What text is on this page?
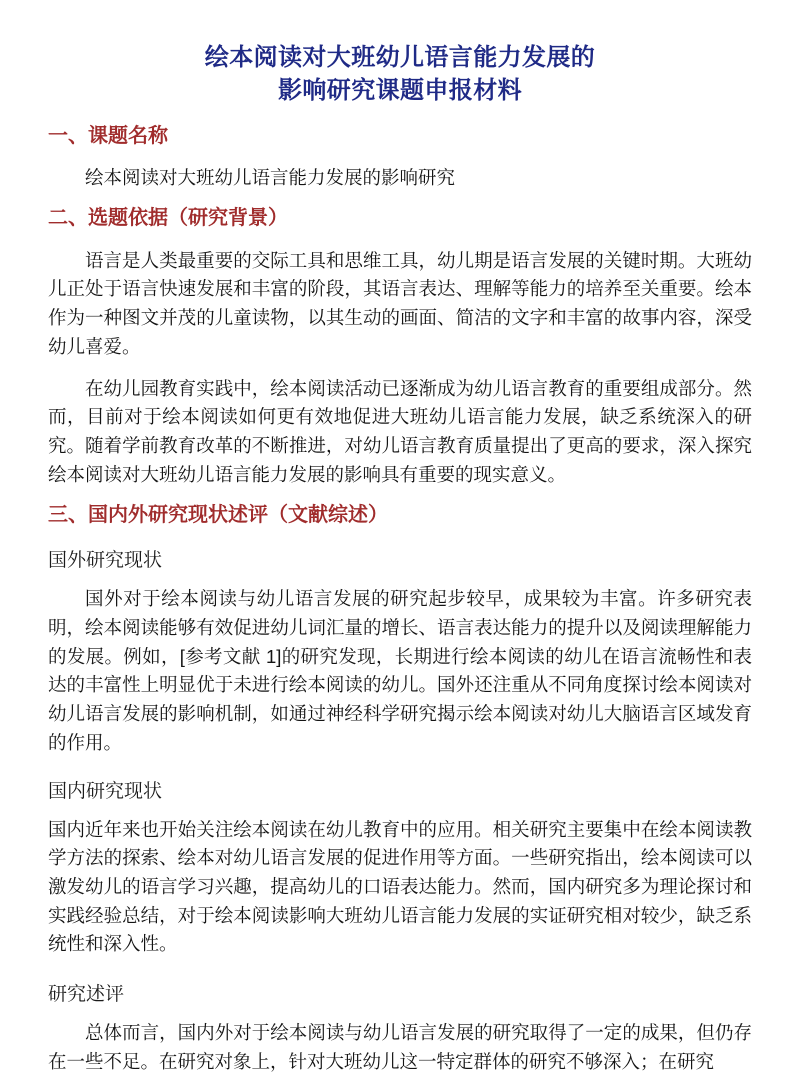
绘本阅读对大班幼儿语言能力发展的
影响研究课题申报材料
一、课题名称

绘本阅读对大班幼儿语言能力发展的影响研究

二、选题依据（研究背景）

语言是人类最重要的交际工具和思维工具，幼儿期是语言发展的关键时期。大班幼儿正处于语言快速发展和丰富的阶段，其语言表达、理解等能力的培养至关重要。绘本作为一种图文并茂的儿童读物，以其生动的画面、简洁的文字和丰富的故事内容，深受幼儿喜爱。

在幼儿园教育实践中，绘本阅读活动已逐渐成为幼儿语言教育的重要组成部分。然而，目前对于绘本阅读如何更有效地促进大班幼儿语言能力发展，缺乏系统深入的研究。随着学前教育改革的不断推进，对幼儿语言教育质量提出了更高的要求，深入探究绘本阅读对大班幼儿语言能力发展的影响具有重要的现实意义。

三、国内外研究现状述评（文献综述）
国外研究现状

国外对于绘本阅读与幼儿语言发展的研究起步较早，成果较为丰富。许多研究表明，绘本阅读能够有效促进幼儿词汇量的增长、语言表达能力的提升以及阅读理解能力的发展。例如，[参考文献 1]的研究发现，长期进行绘本阅读的幼儿在语言流畅性和表达的丰富性上明显优于未进行绘本阅读的幼儿。国外还注重从不同角度探讨绘本阅读对幼儿语言发展的影响机制，如通过神经科学研究揭示绘本阅读对幼儿大脑语言区域发育的作用。

国内研究现状

国内近年来也开始关注绘本阅读在幼儿教育中的应用。相关研究主要集中在绘本阅读教学方法的探索、绘本对幼儿语言发展的促进作用等方面。一些研究指出，绘本阅读可以激发幼儿的语言学习兴趣，提高幼儿的口语表达能力。然而，国内研究多为理论探讨和实践经验总结，对于绘本阅读影响大班幼儿语言能力发展的实证研究相对较少，缺乏系统性和深入性。

研究述评

总体而言，国内外对于绘本阅读与幼儿语言发展的研究取得了一定的成果，但仍存在一些不足。在研究对象上，针对大班幼儿这一特定群体的研究不够深入；在研究
